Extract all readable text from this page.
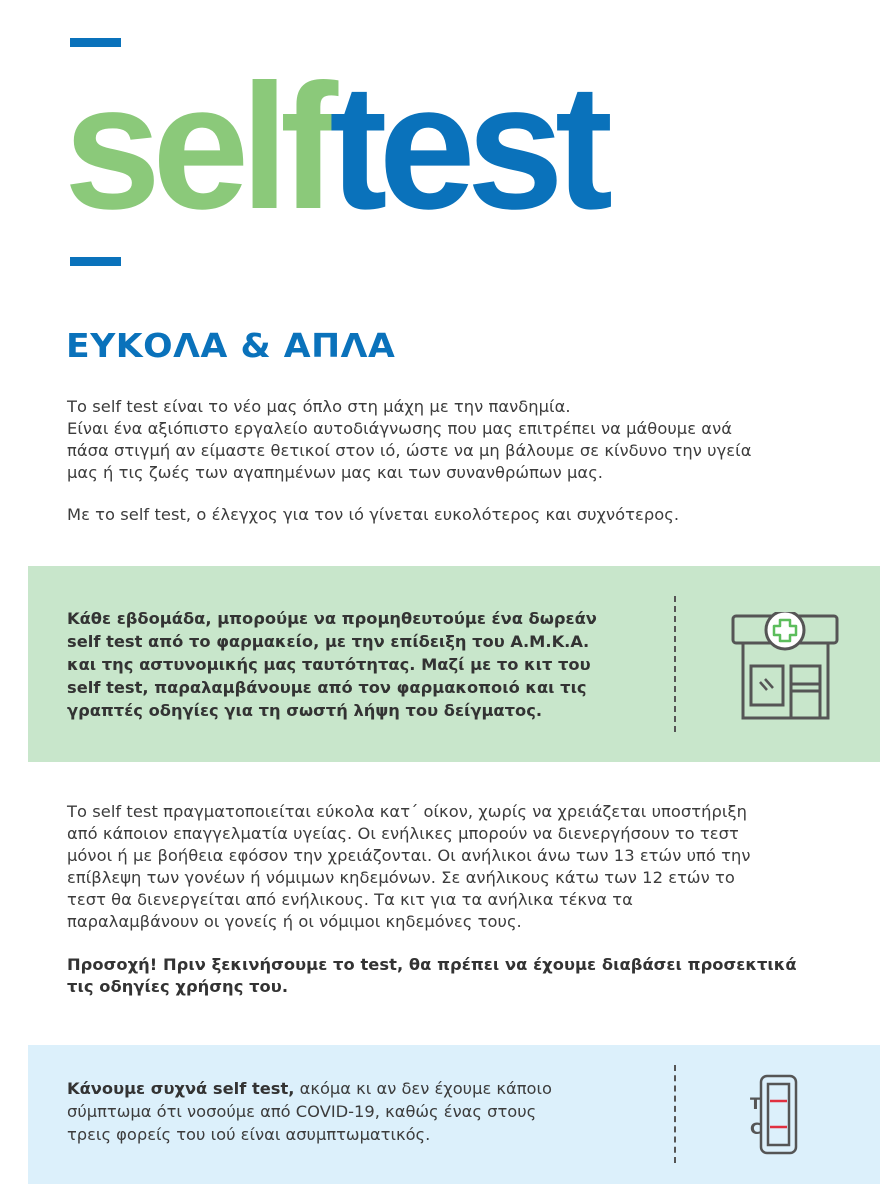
selftest
ΕΥΚΟΛΑ & ΑΠΛΑ

Το self test είναι το νέο μας όπλο στη μάχη με την πανδημία.
Είναι ένα αξιόπιστο εργαλείο αυτοδιάγνωσης που μας επιτρέπει να μάθουμε ανά
πάσα στιγμή αν είμαστε θετικοί στον ιό, ώστε να μη βάλουμε σε κίνδυνο την υγεία
μας ή τις ζωές των αγαπημένων μας και των συνανθρώπων μας.

Με το self test, ο έλεγχος για τον ιό γίνεται ευκολότερος και συχνότερος.

Κάθε εβδομάδα, μπορούμε να προμηθευτούμε ένα δωρεάν
self test από το φαρμακείο, με την επίδειξη του Α.Μ.Κ.Α.
και της αστυνομικής μας ταυτότητας. Μαζί με το κιτ του
self test, παραλαμβάνουμε από τον φαρμακοποιό και τις
γραπτές οδηγίες για τη σωστή λήψη του δείγματος.

Το self test πραγματοποιείται εύκολα κατ΄ οίκον, χωρίς να χρειάζεται υποστήριξη
από κάποιον επαγγελματία υγείας. Οι ενήλικες μπορούν να διενεργήσουν το τεστ
μόνοι ή με βοήθεια εφόσον την χρειάζονται. Οι ανήλικοι άνω των 13 ετών υπό την
επίβλεψη των γονέων ή νόμιμων κηδεμόνων. Σε ανήλικους κάτω των 12 ετών το
τεστ θα διενεργείται από ενήλικους. Τα κιτ για τα ανήλικα τέκνα τα
παραλαμβάνουν οι γονείς ή οι νόμιμοι κηδεμόνες τους.

Προσοχή! Πριν ξεκινήσουμε το test, θα πρέπει να έχουμε διαβάσει προσεκτικά
τις οδηγίες χρήσης του.

Κάνουμε συχνά self test, ακόμα κι αν δεν έχουμε κάποιο
σύμπτωμα ότι νοσούμε από COVID-19, καθώς ένας στους
τρεις φορείς του ιού είναι ασυμπτωματικός.

T
C
